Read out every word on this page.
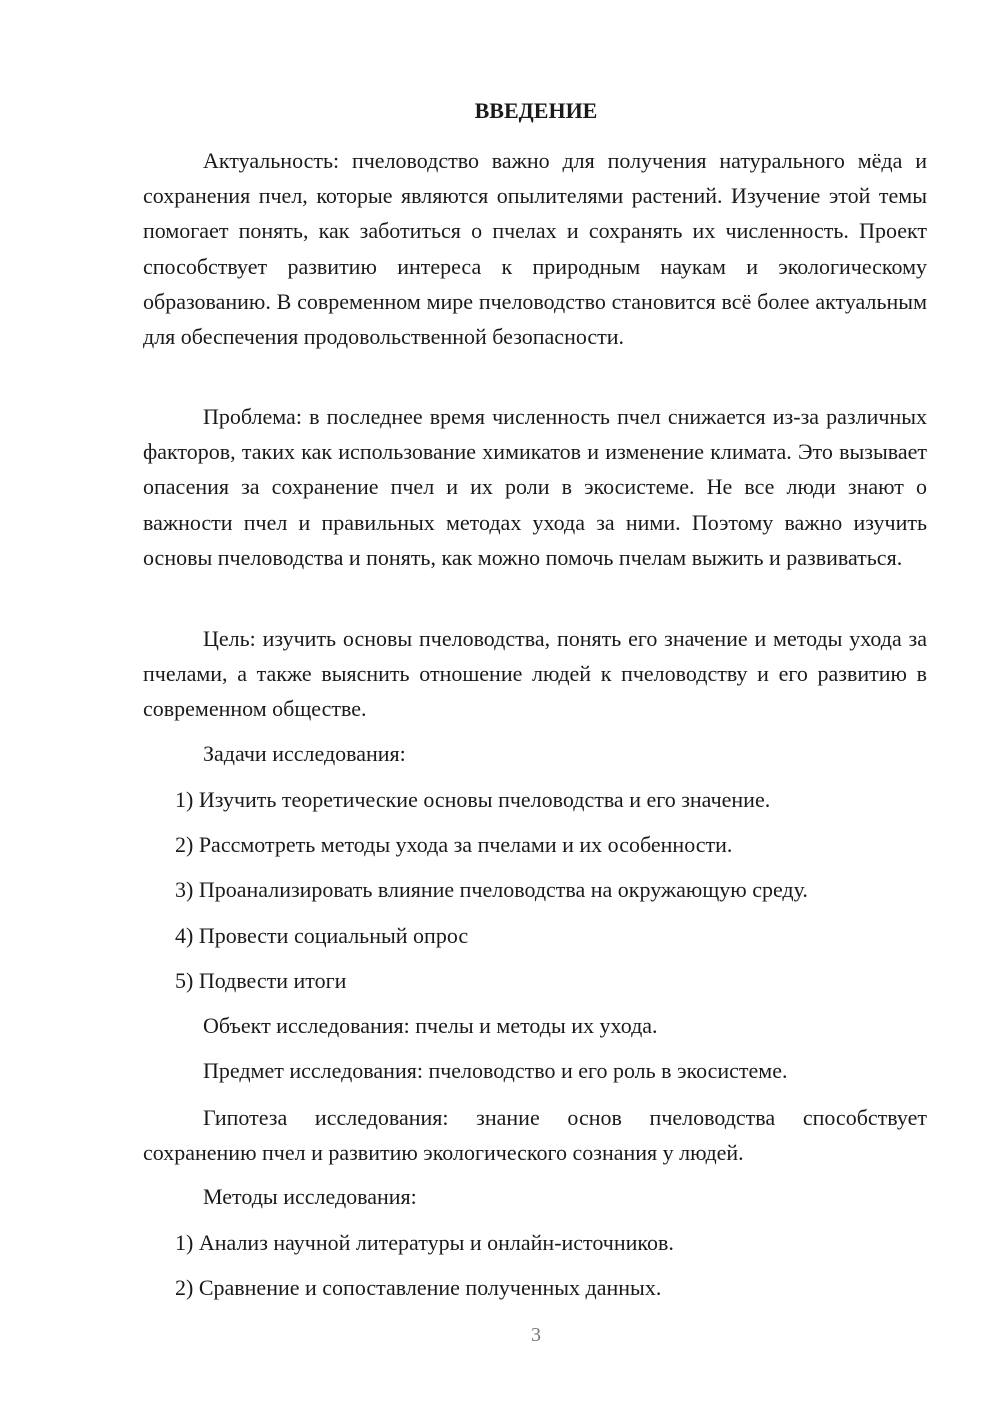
ВВЕДЕНИЕ

Актуальность: пчеловодство важно для получения натурального мёда и сохранения пчел, которые являются опылителями растений. Изучение этой темы помогает понять, как заботиться о пчелах и сохранять их численность. Проект способствует развитию интереса к природным наукам и экологическому образованию. В современном мире пчеловодство становится всё более актуальным для обеспечения продовольственной безопасности.

Проблема: в последнее время численность пчел снижается из-за различных факторов, таких как использование химикатов и изменение климата. Это вызывает опасения за сохранение пчел и их роли в экосистеме. Не все люди знают о важности пчел и правильных методах ухода за ними. Поэтому важно изучить основы пчеловодства и понять, как можно помочь пчелам выжить и развиваться.

Цель: изучить основы пчеловодства, понять его значение и методы ухода за пчелами, а также выяснить отношение людей к пчеловодству и его развитию в современном обществе.

Задачи исследования:

1) Изучить теоретические основы пчеловодства и его значение.

2) Рассмотреть методы ухода за пчелами и их особенности.

3) Проанализировать влияние пчеловодства на окружающую среду.

4) Провести социальный опрос

5) Подвести итоги

Объект исследования: пчелы и методы их ухода.

Предмет исследования: пчеловодство и его роль в экосистеме.

Гипотеза исследования: знание основ пчеловодства способствует сохранению пчел и развитию экологического сознания у людей.

Методы исследования:

1) Анализ научной литературы и онлайн-источников.

2) Сравнение и сопоставление полученных данных.

3
